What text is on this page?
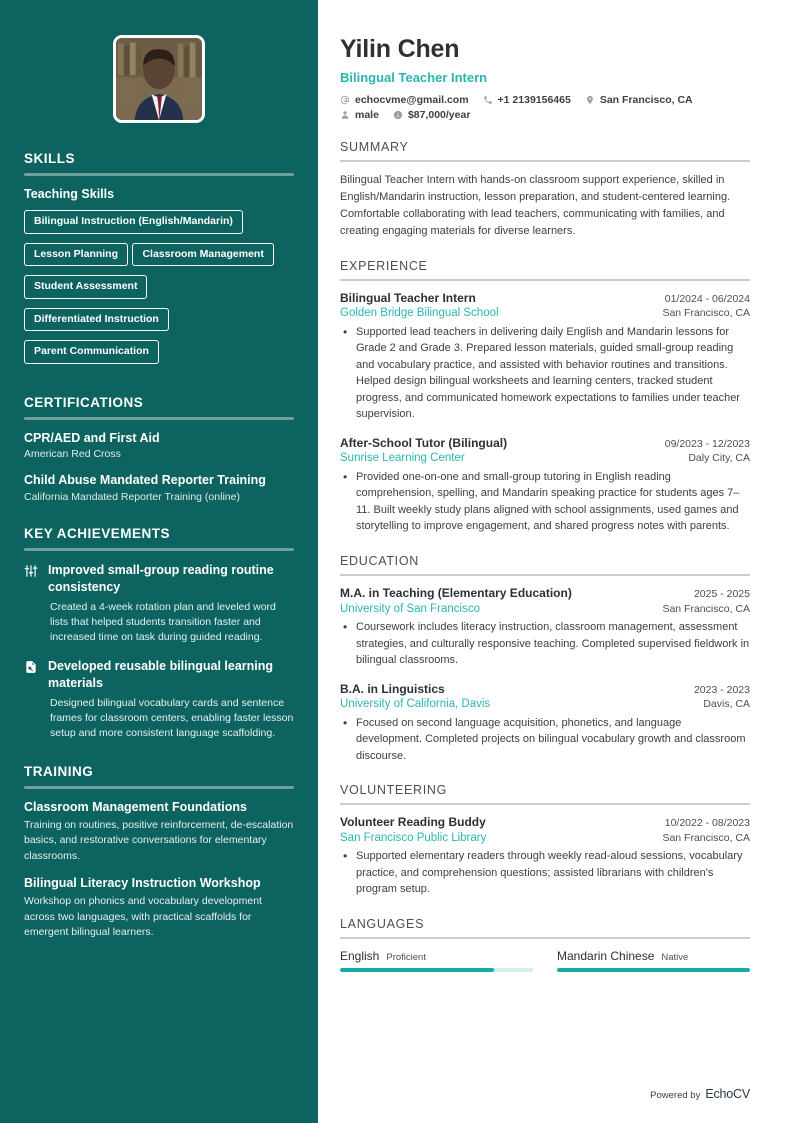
SKILLS
Teaching Skills
Bilingual Instruction (English/Mandarin) Lesson Planning Classroom Management Student Assessment Differentiated Instruction Parent Communication
CERTIFICATIONS
CPR/AED and First Aid
American Red Cross
Child Abuse Mandated Reporter Training
California Mandated Reporter Training (online)
KEY ACHIEVEMENTS
Improved small-group reading routine consistency
Created a 4-week rotation plan and leveled word lists that helped students transition faster and increased time on task during guided reading.
Developed reusable bilingual learning materials
Designed bilingual vocabulary cards and sentence frames for classroom centers, enabling faster lesson setup and more consistent language scaffolding.
TRAINING
Classroom Management Foundations
Training on routines, positive reinforcement, de-escalation basics, and restorative conversations for elementary classrooms.
Bilingual Literacy Instruction Workshop
Workshop on phonics and vocabulary development across two languages, with practical scaffolds for emergent bilingual learners.
Yilin Chen
Bilingual Teacher Intern
echocvme@gmail.com	+1 2139156465	San Francisco, CA
male	$87,000/year
SUMMARY

Bilingual Teacher Intern with hands-on classroom support experience, skilled in English/Mandarin instruction, lesson preparation, and student-centered learning. Comfortable collaborating with lead teachers, communicating with families, and creating engaging materials for diverse learners.

EXPERIENCE
Bilingual Teacher Intern	01/2024 - 06/2024
Golden Bridge Bilingual School	San Francisco, CA
• Supported lead teachers in delivering daily English and Mandarin lessons for Grade 2 and Grade 3. Prepared lesson materials, guided small-group reading and vocabulary practice, and assisted with behavior routines and transitions. Helped design bilingual worksheets and learning centers, tracked student progress, and communicated homework expectations to families under teacher supervision.
After-School Tutor (Bilingual)	09/2023 - 12/2023
Sunrise Learning Center	Daly City, CA
• Provided one-on-one and small-group tutoring in English reading comprehension, spelling, and Mandarin speaking practice for students ages 7–11. Built weekly study plans aligned with school assignments, used games and storytelling to improve engagement, and shared progress notes with parents.
EDUCATION
M.A. in Teaching (Elementary Education)	2025 - 2025
University of San Francisco	San Francisco, CA
• Coursework includes literacy instruction, classroom management, assessment strategies, and culturally responsive teaching. Completed supervised fieldwork in bilingual classrooms.
B.A. in Linguistics	2023 - 2023
University of California, Davis	Davis, CA
• Focused on second language acquisition, phonetics, and language development. Completed projects on bilingual vocabulary growth and classroom discourse.
VOLUNTEERING
Volunteer Reading Buddy	10/2022 - 08/2023
San Francisco Public Library	San Francisco, CA
• Supported elementary readers through weekly read-aloud sessions, vocabulary practice, and comprehension questions; assisted librarians with children's program setup.
LANGUAGES
English Proficient	Mandarin Chinese Native
Powered by EchoCV
